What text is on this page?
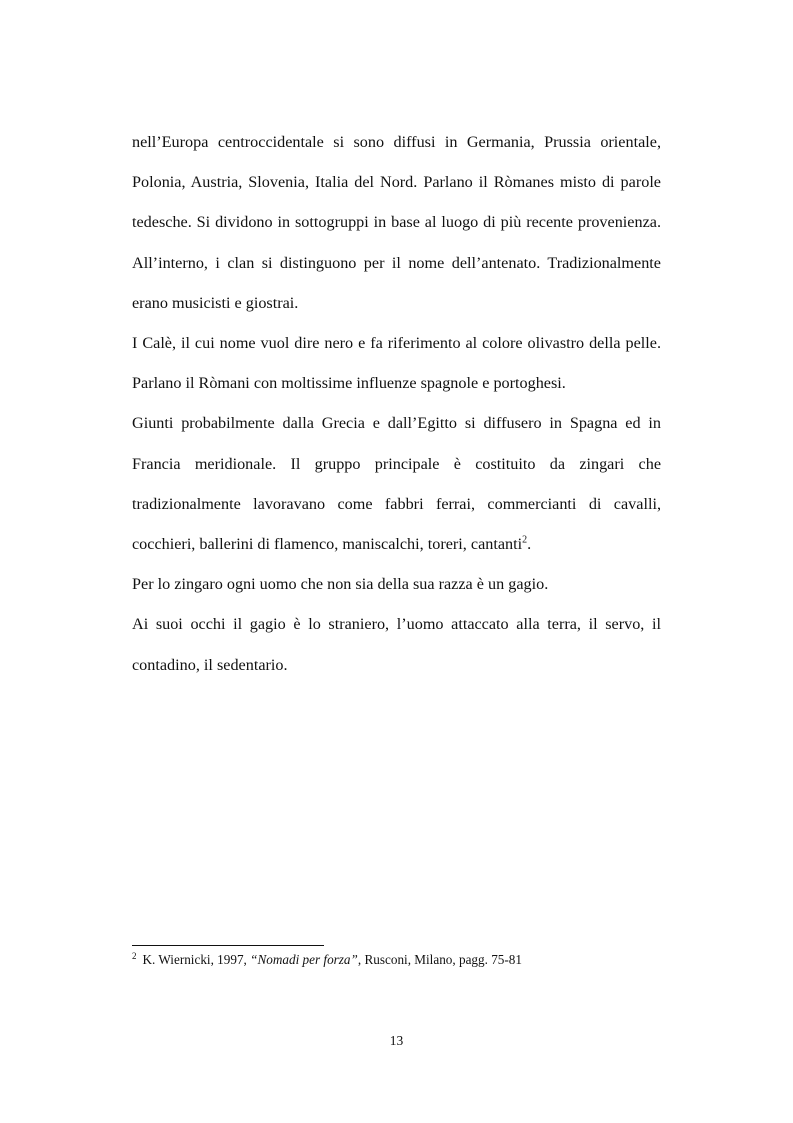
nell’Europa centroccidentale si sono diffusi in Germania, Prussia orientale, Polonia, Austria, Slovenia, Italia del Nord. Parlano il Ròmanes misto di parole tedesche. Si dividono in sottogruppi in base al luogo di più recente provenienza. All’interno, i clan si distinguono per il nome dell’antenato. Tradizionalmente erano musicisti e giostrai.

I Calè, il cui nome vuol dire nero e fa riferimento al colore olivastro della pelle. Parlano il Ròmani con moltissime influenze spagnole e portoghesi.

Giunti probabilmente dalla Grecia e dall’Egitto si diffusero in Spagna ed in Francia meridionale. Il gruppo principale è costituito da zingari che tradizionalmente lavoravano come fabbri ferrai, commercianti di cavalli, cocchieri, ballerini di flamenco, maniscalchi, toreri, cantanti$^2$.

Per lo zingaro ogni uomo che non sia della sua razza è un gagio.

Ai suoi occhi il gagio è lo straniero, l’uomo attaccato alla terra, il servo, il contadino, il sedentario.

$^2$ K. Wiernicki, 1997, “Nomadi per forza”, Rusconi, Milano, pagg. 75-81
13
